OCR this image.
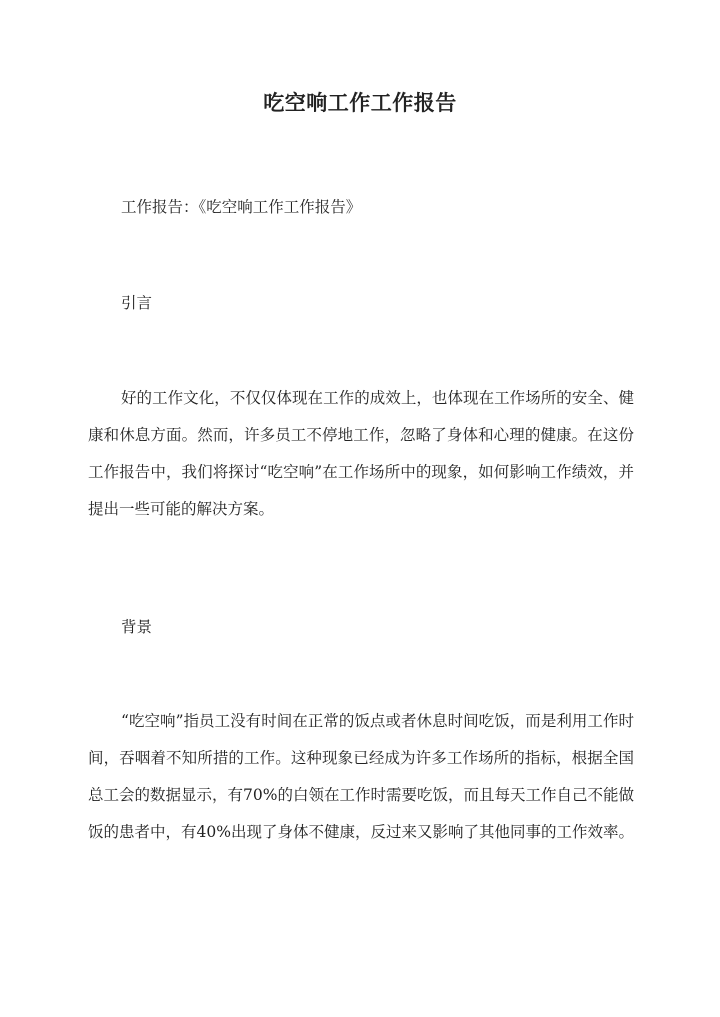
吃空响工作工作报告

工作报告：《吃空响工作工作报告》

引言

好的工作文化，不仅仅体现在工作的成效上，也体现在工作场所的安全、健康和休息方面。然而，许多员工不停地工作，忽略了身体和心理的健康。在这份工作报告中，我们将探讨“吃空响”在工作场所中的现象，如何影响工作绩效，并提出一些可能的解决方案。

背景

“吃空响”指员工没有时间在正常的饭点或者休息时间吃饭，而是利用工作时间，吞咽着不知所措的工作。这种现象已经成为许多工作场所的指标，根据全国总工会的数据显示，有70%的白领在工作时需要吃饭，而且每天工作自己不能做饭的患者中，有40%出现了身体不健康，反过来又影响了其他同事的工作效率。
